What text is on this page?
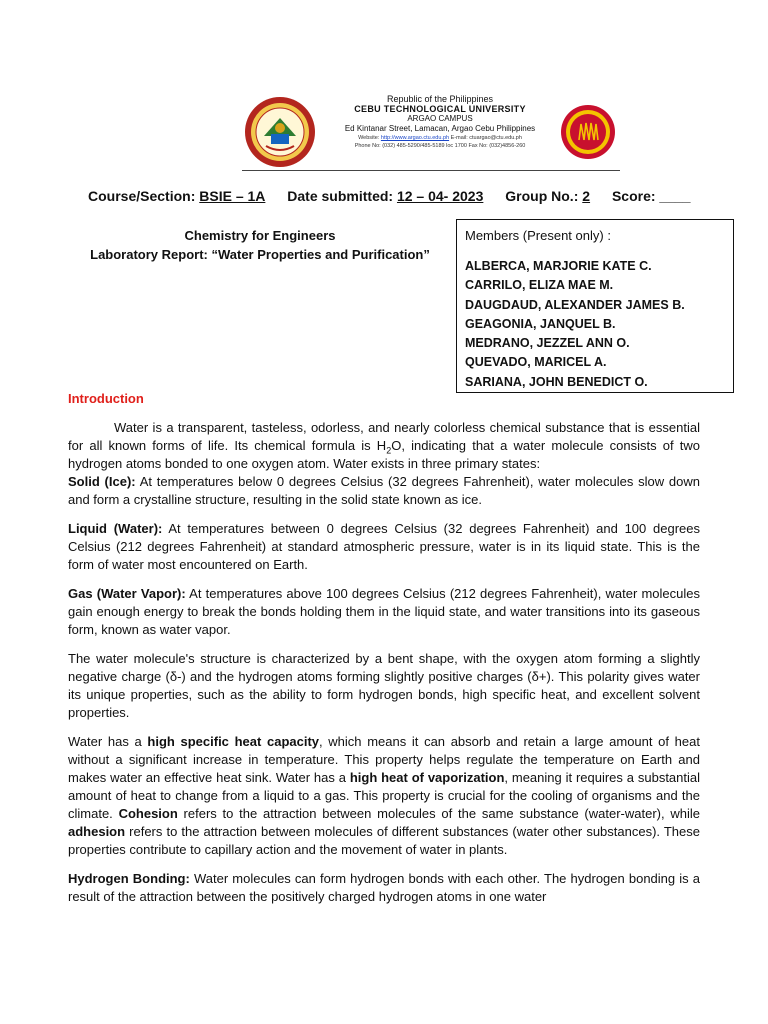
Republic of the Philippines
CEBU TECHNOLOGICAL UNIVERSITY
ARGAO CAMPUS
Ed Kintanar Street, Lamacan, Argao Cebu Philippines
Website: http://www.argao.ctu.edu.ph E-mail: ctuargao@ctu.edu.ph
Phone No: (032) 485-5290/485-5189 loc 1700 Fax No: (032)4856-260
Course/Section: BSIE – 1A Date submitted: 12 – 04- 2023 Group No.: 2 Score: ____
Chemistry for Engineers
Laboratory Report: “Water Properties and Purification”
Members (Present only) :
ALBERCA, MARJORIE KATE C.
CARRILO, ELIZA MAE M.
DAUGDAUD, ALEXANDER JAMES B.
GEAGONIA, JANQUEL B.
MEDRANO, JEZZEL ANN O.
QUEVADO, MARICEL A.
SARIANA, JOHN BENEDICT O.
Introduction

Water is a transparent, tasteless, odorless, and nearly colorless chemical substance that is essential for all known forms of life. Its chemical formula is $H_2O$, indicating that a water molecule consists of two hydrogen atoms bonded to one oxygen atom. Water exists in three primary states:

Solid (Ice): At temperatures below 0 degrees Celsius (32 degrees Fahrenheit), water molecules slow down and form a crystalline structure, resulting in the solid state known as ice.

Liquid (Water): At temperatures between 0 degrees Celsius (32 degrees Fahrenheit) and 100 degrees Celsius (212 degrees Fahrenheit) at standard atmospheric pressure, water is in its liquid state. This is the form of water most encountered on Earth.

Gas (Water Vapor): At temperatures above 100 degrees Celsius (212 degrees Fahrenheit), water molecules gain enough energy to break the bonds holding them in the liquid state, and water transitions into its gaseous form, known as water vapor.

The water molecule's structure is characterized by a bent shape, with the oxygen atom forming a slightly negative charge (δ-) and the hydrogen atoms forming slightly positive charges (δ+). This polarity gives water its unique properties, such as the ability to form hydrogen bonds, high specific heat, and excellent solvent properties.

Water has a high specific heat capacity, which means it can absorb and retain a large amount of heat without a significant increase in temperature. This property helps regulate the temperature on Earth and makes water an effective heat sink. Water has a high heat of vaporization, meaning it requires a substantial amount of heat to change from a liquid to a gas. This property is crucial for the cooling of organisms and the climate. Cohesion refers to the attraction between molecules of the same substance (water-water), while adhesion refers to the attraction between molecules of different substances (water other substances). These properties contribute to capillary action and the movement of water in plants.

Hydrogen Bonding: Water molecules can form hydrogen bonds with each other. The hydrogen bonding is a result of the attraction between the positively charged hydrogen atoms in one water
